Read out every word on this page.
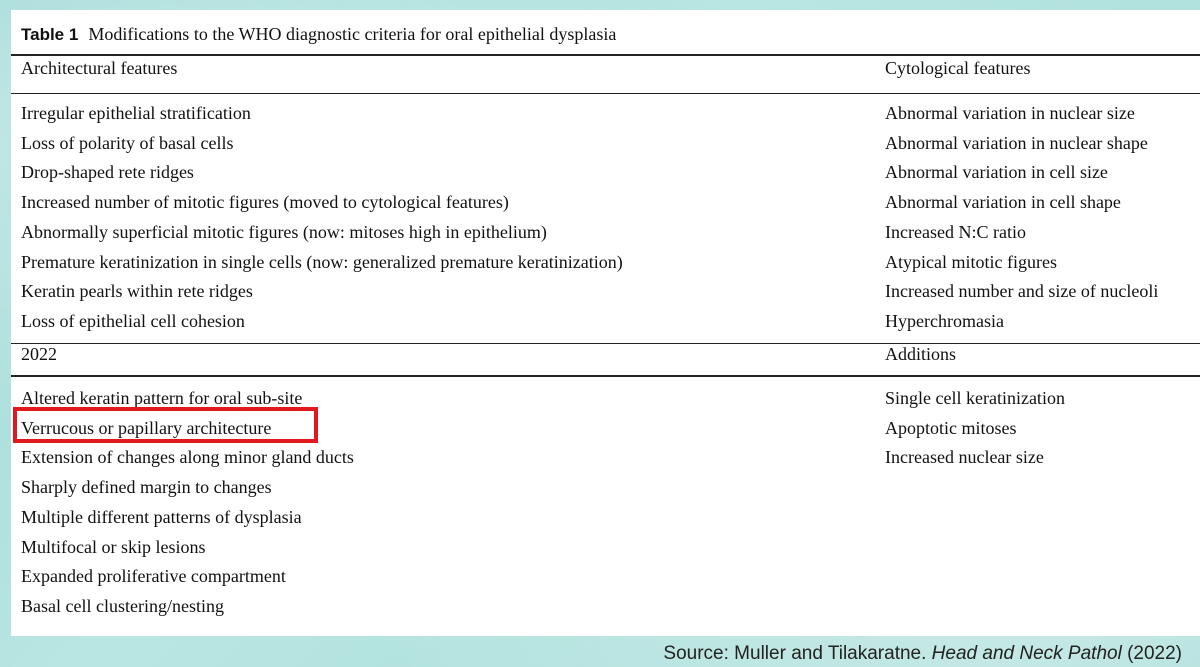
Table 1 Modifications to the WHO diagnostic criteria for oral epithelial dysplasia
Architectural features	Cytological features
Irregular epithelial stratification	Abnormal variation in nuclear size
Loss of polarity of basal cells	Abnormal variation in nuclear shape
Drop-shaped rete ridges	Abnormal variation in cell size
Increased number of mitotic figures (moved to cytological features)	Abnormal variation in cell shape
Abnormally superficial mitotic figures (now: mitoses high in epithelium)	Increased N:C ratio
Premature keratinization in single cells (now: generalized premature keratinization)	Atypical mitotic figures
Keratin pearls within rete ridges	Increased number and size of nucleoli
Loss of epithelial cell cohesion	Hyperchromasia
2022	Additions
Altered keratin pattern for oral sub-site	Single cell keratinization
Verrucous or papillary architecture	Apoptotic mitoses
Extension of changes along minor gland ducts	Increased nuclear size
Sharply defined margin to changes
Multiple different patterns of dysplasia
Multifocal or skip lesions
Expanded proliferative compartment
Basal cell clustering/nesting
Source: Muller and Tilakaratne. Head and Neck Pathol (2022)
